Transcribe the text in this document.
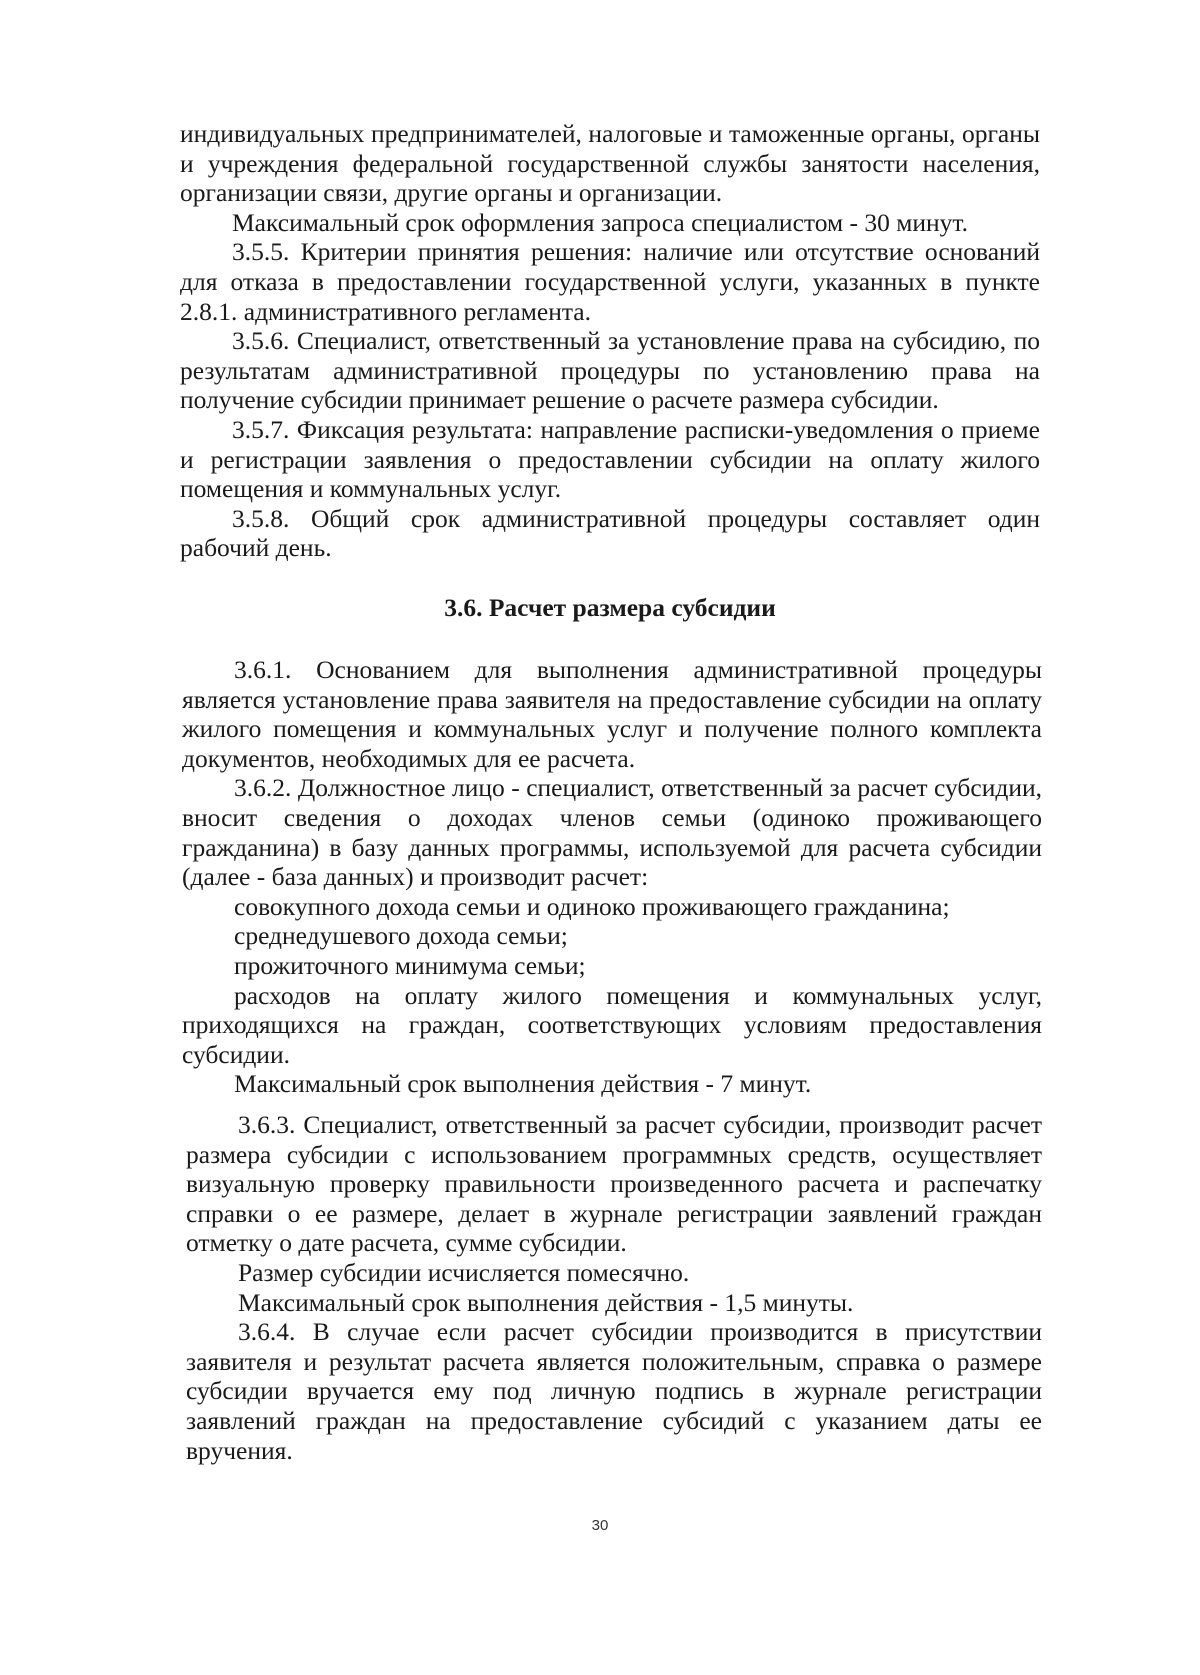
индивидуальных предпринимателей, налоговые и таможенные органы, органы и учреждения федеральной государственной службы занятости населения, организации связи, другие органы и организации.

Максимальный срок оформления запроса специалистом - 30 минут.

3.5.5. Критерии принятия решения: наличие или отсутствие оснований для отказа в предоставлении государственной услуги, указанных в пункте 2.8.1. административного регламента.

3.5.6. Специалист, ответственный за установление права на субсидию, по результатам административной процедуры по установлению права на получение субсидии принимает решение о расчете размера субсидии.

3.5.7. Фиксация результата: направление расписки-уведомления о приеме и регистрации заявления о предоставлении субсидии на оплату жилого помещения и коммунальных услуг.

3.5.8. Общий срок административной процедуры составляет один рабочий день.

3.6. Расчет размера субсидии

3.6.1. Основанием для выполнения административной процедуры является установление права заявителя на предоставление субсидии на оплату жилого помещения и коммунальных услуг и получение полного комплекта документов, необходимых для ее расчета.

3.6.2. Должностное лицо - специалист, ответственный за расчет субсидии, вносит сведения о доходах членов семьи (одиноко проживающего гражданина) в базу данных программы, используемой для расчета субсидии (далее - база данных) и производит расчет:

совокупного дохода семьи и одиноко проживающего гражданина;

среднедушевого дохода семьи;

прожиточного минимума семьи;

расходов на оплату жилого помещения и коммунальных услуг, приходящихся на граждан, соответствующих условиям предоставления субсидии.

Максимальный срок выполнения действия - 7 минут.

3.6.3. Специалист, ответственный за расчет субсидии, производит расчет размера субсидии с использованием программных средств, осуществляет визуальную проверку правильности произведенного расчета и распечатку справки о ее размере, делает в журнале регистрации заявлений граждан отметку о дате расчета, сумме субсидии.

Размер субсидии исчисляется помесячно.

Максимальный срок выполнения действия - 1,5 минуты.

3.6.4. В случае если расчет субсидии производится в присутствии заявителя и результат расчета является положительным, справка о размере субсидии вручается ему под личную подпись в журнале регистрации заявлений граждан на предоставление субсидий с указанием даты ее вручения.

30
